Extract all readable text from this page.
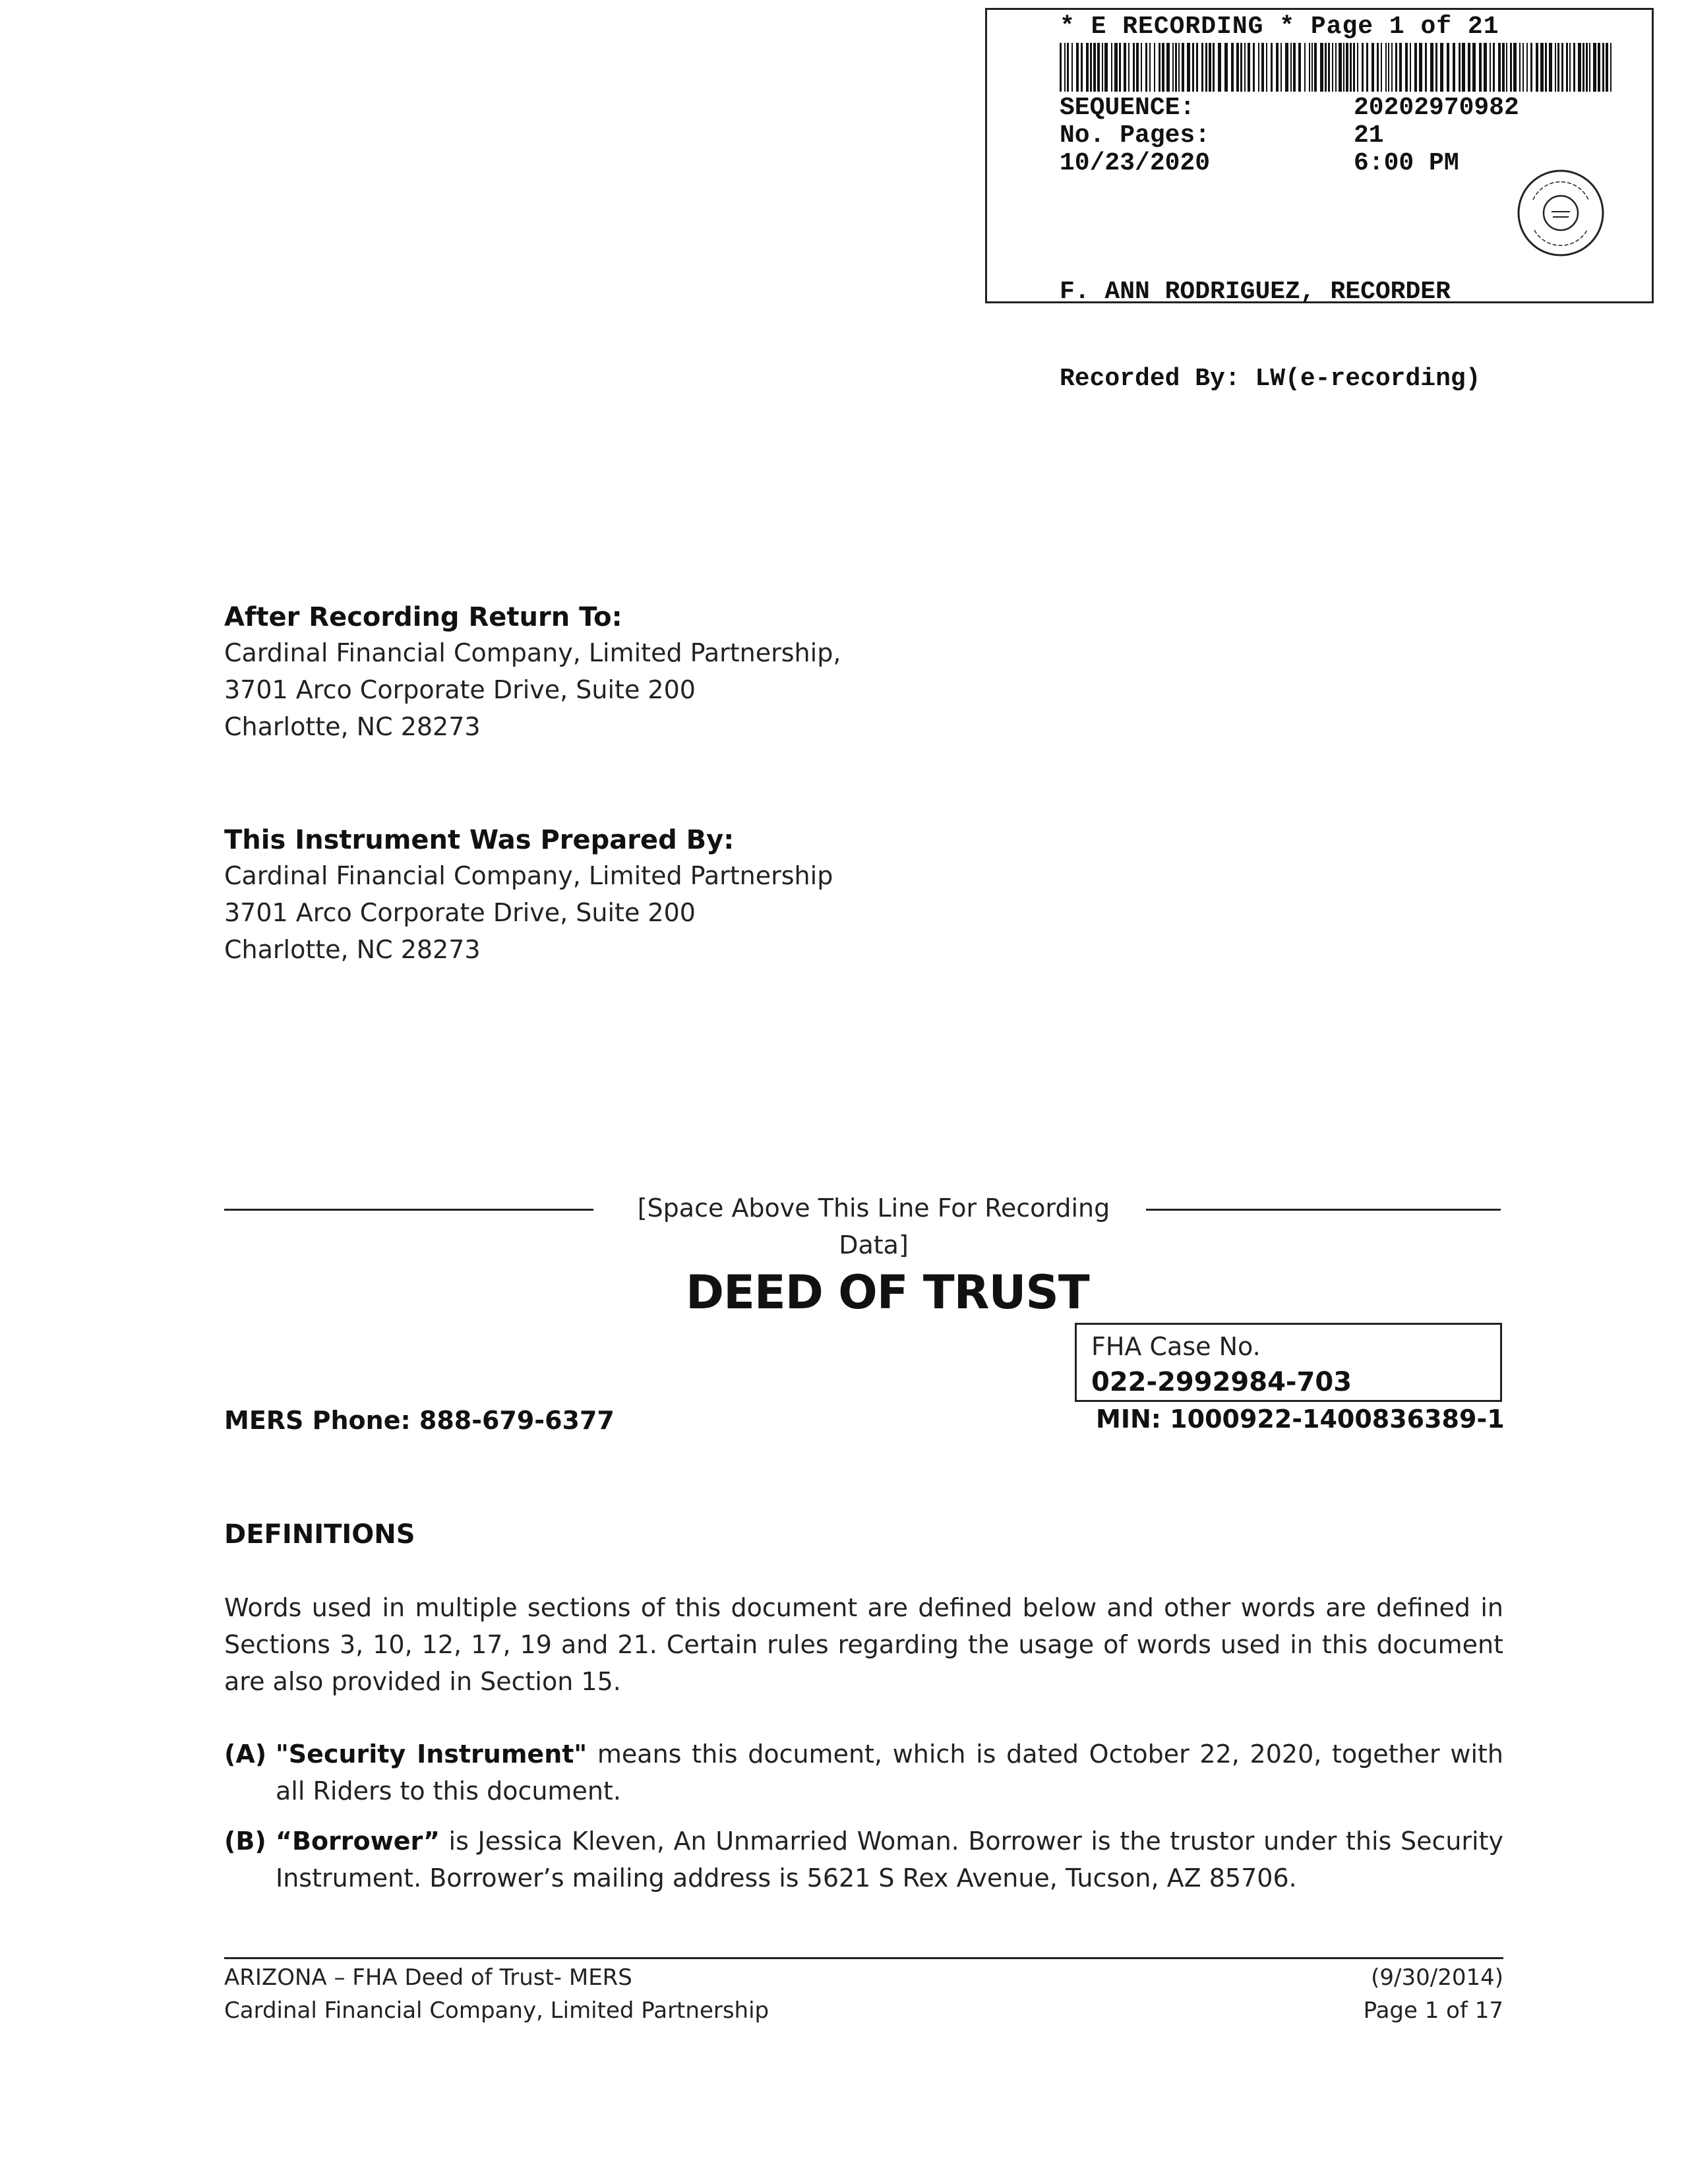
* E RECORDING * Page 1 of 21
SEQUENCE:	20202970982
No. Pages:	21
10/23/2020	6:00 PM

F. ANN RODRIGUEZ, RECORDER

Recorded By: LW(e-recording)

After Recording Return To:
Cardinal Financial Company, Limited Partnership,
3701 Arco Corporate Drive, Suite 200
Charlotte, NC 28273
This Instrument Was Prepared By:
Cardinal Financial Company, Limited Partnership
3701 Arco Corporate Drive, Suite 200
Charlotte, NC 28273
[Space Above This Line For Recording Data]
DEED OF TRUST
FHA Case No.
022-2992984-703
MERS Phone: 888-679-6377	MIN: 1000922-1400836389-1
DEFINITIONS
Words used in multiple sections of this document are defined below and other words are defined in Sections 3, 10, 12, 17, 19 and 21. Certain rules regarding the usage of words used in this document are also provided in Section 15.
(A) "Security Instrument" means this document, which is dated October 22, 2020, together with all Riders to this document.
(B) “Borrower” is Jessica Kleven, An Unmarried Woman. Borrower is the trustor under this Security Instrument. Borrower’s mailing address is 5621 S Rex Avenue, Tucson, AZ 85706.
ARIZONA – FHA Deed of Trust- MERS
Cardinal Financial Company, Limited Partnership
(9/30/2014)
Page 1 of 17
